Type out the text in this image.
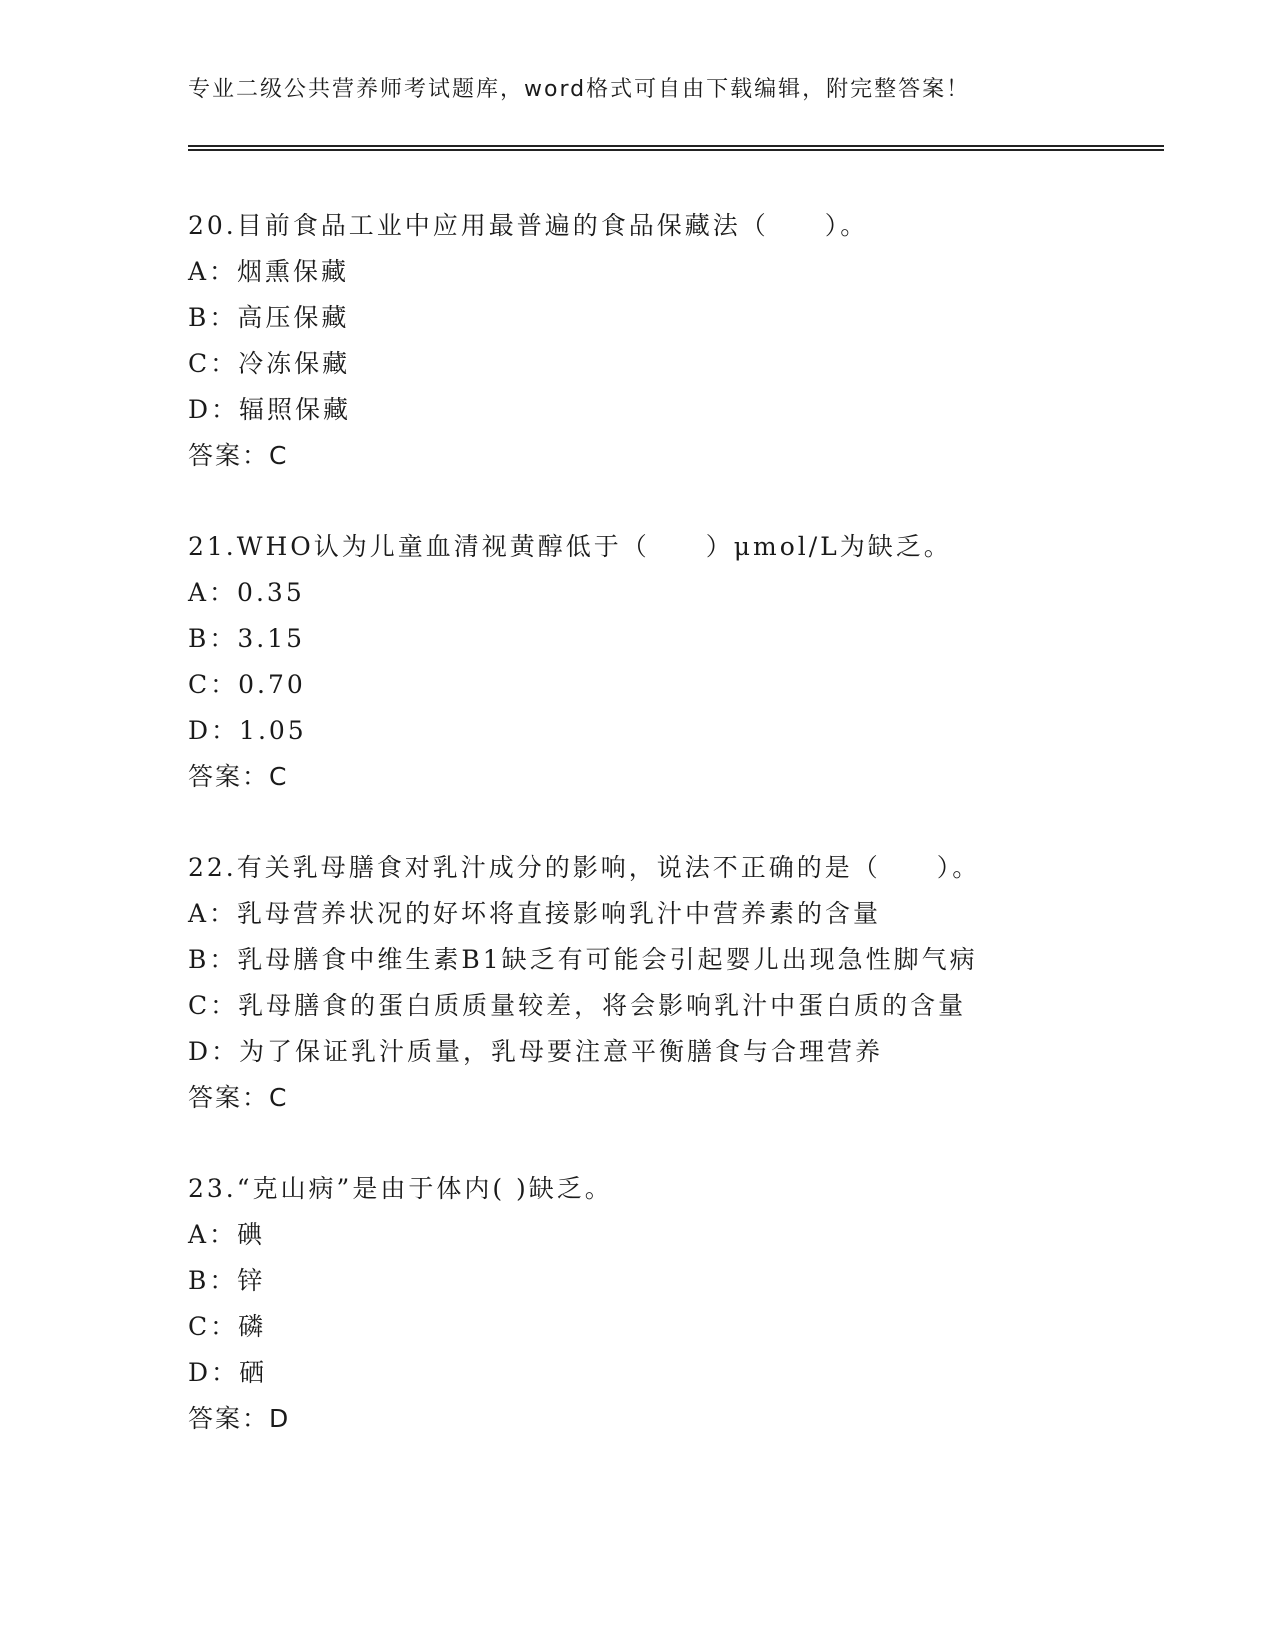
专业二级公共营养师考试题库，word格式可自由下载编辑，附完整答案！
20.目前食品工业中应用最普遍的食品保藏法（　　）。
A：烟熏保藏
B：高压保藏
C：冷冻保藏
D：辐照保藏
答案：C
21.WHO认为儿童血清视黄醇低于（　　）μmol/L为缺乏。
A：0.35
B：3.15
C：0.70
D：1.05
答案：C
22.有关乳母膳食对乳汁成分的影响，说法不正确的是（　　）。
A：乳母营养状况的好坏将直接影响乳汁中营养素的含量
B：乳母膳食中维生素B1缺乏有可能会引起婴儿出现急性脚气病
C：乳母膳食的蛋白质质量较差，将会影响乳汁中蛋白质的含量
D：为了保证乳汁质量，乳母要注意平衡膳食与合理营养
答案：C
23.“克山病”是由于体内( )缺乏。
A：碘
B：锌
C：磷
D：硒
答案：D
